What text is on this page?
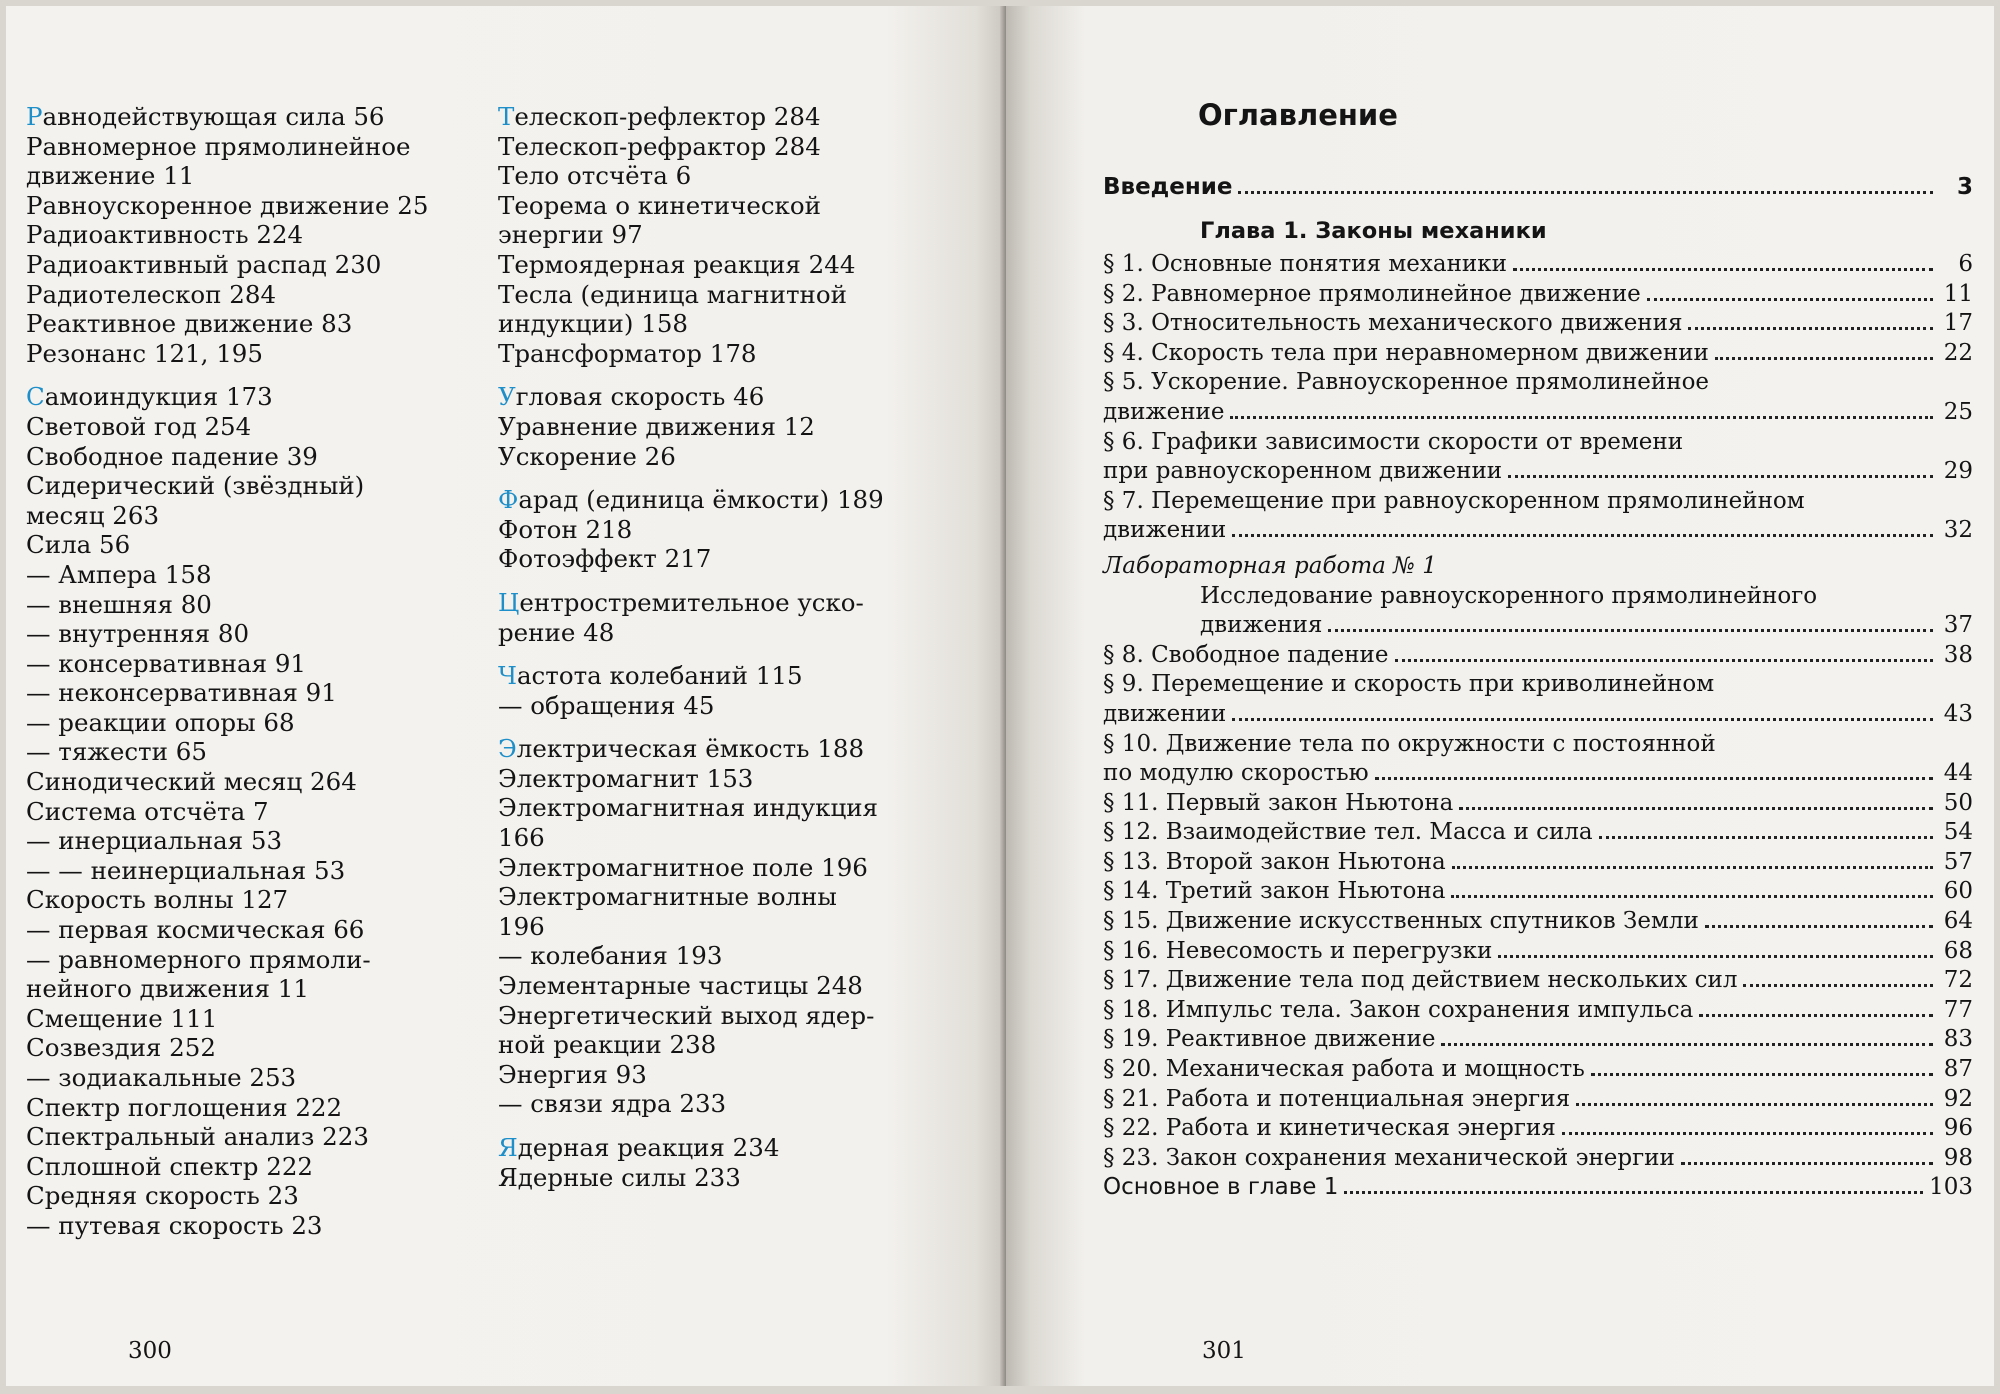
Равнодействующая сила 56
Равномерное прямолинейное
движение 11
Равноускоренное движение 25
Радиоактивность 224
Радиоактивный распад 230
Радиотелескоп 284
Реактивное движение 83
Резонанс 121, 195
Самоиндукция 173
Световой год 254
Свободное падение 39
Сидерический (звёздный)
месяц 263
Сила 56
— Ампера 158
— внешняя 80
— внутренняя 80
— консервативная 91
— неконсервативная 91
— реакции опоры 68
— тяжести 65
Синодический месяц 264
Система отсчёта 7
— инерциальная 53
— — неинерциальная 53
Скорость волны 127
— первая космическая 66
— равномерного прямоли-
нейного движения 11
Смещение 111
Созвездия 252
— зодиакальные 253
Спектр поглощения 222
Спектральный анализ 223
Сплошной спектр 222
Средняя скорость 23
— путевая скорость 23
Телескоп-рефлектор 284
Телескоп-рефрактор 284
Тело отсчёта 6
Теорема о кинетической
энергии 97
Термоядерная реакция 244
Тесла (единица магнитной
индукции) 158
Трансформатор 178
Угловая скорость 46
Уравнение движения 12
Ускорение 26
Фарад (единица ёмкости) 189
Фотон 218
Фотоэффект 217
Центростремительное уско-
рение 48
Частота колебаний 115
— обращения 45
Электрическая ёмкость 188
Электромагнит 153
Электромагнитная индукция
166
Электромагнитное поле 196
Электромагнитные волны
196
— колебания 193
Элементарные частицы 248
Энергетический выход ядер-
ной реакции 238
Энергия 93
— связи ядра 233
Ядерная реакция 234
Ядерные силы 233
300
Оглавление
Введение	3
Глава 1. Законы механики
§ 1. Основные понятия механики	6
§ 2. Равномерное прямолинейное движение	11
§ 3. Относительность механического движения	17
§ 4. Скорость тела при неравномерном движении	22
§ 5. Ускорение. Равноускоренное прямолинейное
движение	25
§ 6. Графики зависимости скорости от времени
при равноускоренном движении	29
§ 7. Перемещение при равноускоренном прямолинейном
движении	32
Лабораторная работа № 1
Исследование равноускоренного прямолинейного
движения	37
§ 8. Свободное падение	38
§ 9. Перемещение и скорость при криволинейном
движении	43
§ 10. Движение тела по окружности с постоянной
по модулю скоростью	44
§ 11. Первый закон Ньютона	50
§ 12. Взаимодействие тел. Масса и сила	54
§ 13. Второй закон Ньютона	57
§ 14. Третий закон Ньютона	60
§ 15. Движение искусственных спутников Земли	64
§ 16. Невесомость и перегрузки	68
§ 17. Движение тела под действием нескольких сил	72
§ 18. Импульс тела. Закон сохранения импульса	77
§ 19. Реактивное движение	83
§ 20. Механическая работа и мощность	87
§ 21. Работа и потенциальная энергия	92
§ 22. Работа и кинетическая энергия	96
§ 23. Закон сохранения механической энергии	98
Основное в главе 1	103
301
